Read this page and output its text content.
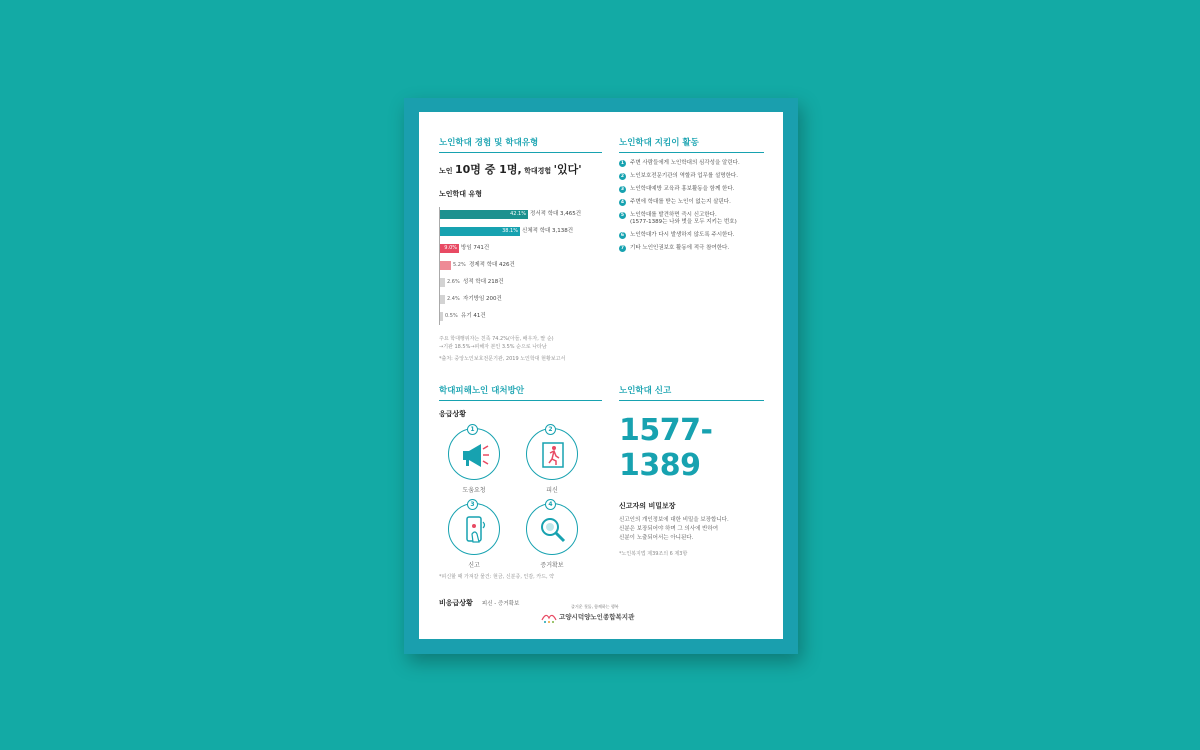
노인학대 경험 및 학대유형
노인 10명 중 1명, 학대경험 '있다'
노인학대 유형
42.1% 정서적 학대 3,465건
38.1% 신체적 학대 3,138건
9.0% 방임 741건
5.2% 경제적 학대 426건
2.6% 성적 학대 218건
2.4% 자기방임 200건
0.5% 유기 41건
주요 학대행위자는 친족 74.2%(아들, 배우자, 딸 순)
→기관 18.5%→피해자 본인 3.5% 순으로 나타남
*출처: 중앙노인보호전문기관, 2019 노인학대 현황보고서
노인학대 지킴이 활동
1	주변 사람들에게 노인학대의 심각성을 알린다.
2	노인보호전문기관의 역할과 업무를 설명한다.
3	노인학대예방 교육과 홍보활동을 함께 한다.
4	주변에 학대를 받는 노인이 없는지 살핀다.
5	노인학대를 발견하면 즉시 신고한다.
(1577-1389는 나와 벗을 모두 지키는 번호)
6	노인학대가 다시 발생하지 않도록 주시한다.
7	기타 노인인권보호 활동에 적극 참여한다.
학대피해노인 대처방안
응급상황
1
도움요청
2
피신
3
신고
4
증거확보
*피신할 때 가져갈 물건: 현금, 신분증, 인감, 카드, 약
비응급상황 피신 - 증거확보
노인학대 신고
1577-1389
신고자의 비밀보장
신고인의 개인정보에 대한 비밀을 보장합니다.
신분은 보장되어야 하며 그 의사에 반하여
신분이 노출되어서는 아니된다.
*노인복지법 제39조의 6 제3항
즐거운 첫돌, 함께하는 행복
고양시덕양노인종합복지관
